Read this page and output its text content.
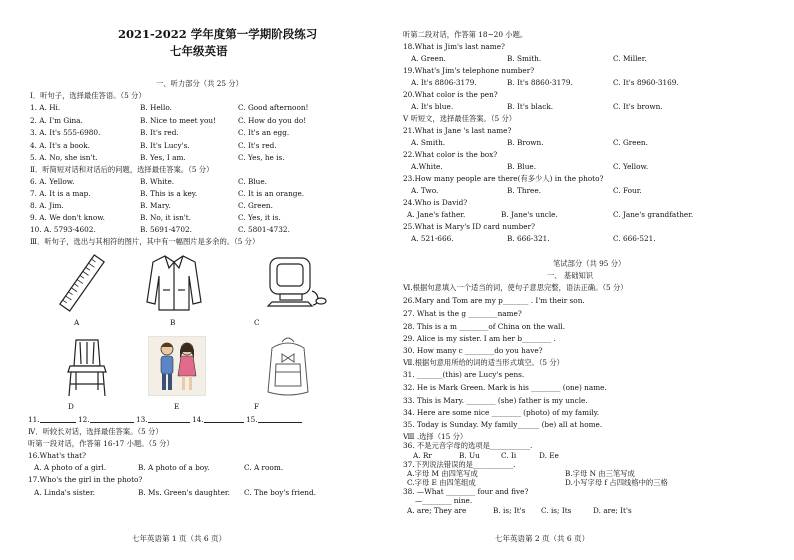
2021-2022 学年度第一学期阶段练习
七年级英语
一、听力部分（共 25 分）
Ⅰ．听句子，选择最佳答语。（5 分）
1. A. Hi.	B. Hello.	C. Good afternoon!
2. A. I'm Gina.	B. Nice to meet you!	C. How do you do!
3. A. It's 555-6980.	B. It's red.	C. It's an egg.
4. A. It's a book.	B. It's Lucy's.	C. It's red.
5. A. No, she isn't.	B. Yes, I am.	C. Yes, he is.
Ⅱ．听简短对话和对话后的问题，选择最佳答案。（5 分）
6. A. Yellow.	B. White.	C. Blue.
7. A. It is a map.	B. This is a key.	C. It is an orange.
8. A. Jim.	B. Mary.	C. Green.
9. A. We don't know.	B. No, it isn't.	C. Yes, it is.
10. A. 5793-4602.	B. 5691-4702.	C. 5801-4732.
Ⅲ．听句子，选出与其相符的图片，其中有一幅图片是多余的。（5 分）
A	B	C
D	E	F
11.	12.	13.	14.	15.
Ⅳ．听较长对话，选择最佳答案。（5 分）
听第一段对话，作答第 16-17 小题。（5 分）
16.What's that?
A. A photo of a girl.	B. A photo of a boy.	C. A room.
17.Who's the girl in the photo?
A. Linda's sister.	B. Ms. Green's daughter. C. The boy's friend.
七年英语第 1 页（共 6 页）
听第二段对话，作答第 18~20 小题。
18.What is Jim's last name?
A. Green.	B. Smith.	C. Miller.
19.What's Jim's telephone number?
A. It's 8806-3179.	B. It's 8860-3179.	C. It's 8960-3169.
20.What color is the pen?
A. It's blue.	B. It's black.	C. It's brown.
Ⅴ 听短文，选择最佳答案。（5 分）
21.What is Jane 's last name?
A. Smith.	B. Brown.	C. Green.
22.What color is the box?
A.White.	B. Blue.	C. Yellow.
23.How many people are there(有多少人) in the photo?
A. Two.	B. Three.	C. Four.
24.Who is David?
A. Jane's father.	B. Jane's uncle.	C. Jane's grandfather.
25.What is Mary's ID card number?
A. 521-666.	B. 666-321.	C. 666-521.
笔试部分（共 95 分）
一、 基础知识
Ⅵ.根据句意填入一个适当的词，使句子意思完整，语法正确。（5 分）
26.Mary and Tom are my p_______ . I'm their son.
27. What is the g ________name?
28. This is a m ________of China on the wall.
29. Alice is my sister. I am her b________ .
30. How many c ________do you have?
Ⅶ.根据句意用所给的词的适当形式填空。（5 分）
31. _______(this) are Lucy's pens.
32. He is Mark Green. Mark is his ________ (one) name.
33. This is Mary. ________ (she) father is my uncle.
34. Here are some nice ________ (photo) of my family.
35. Today is Sunday. My family______ (be) all at home.
Ⅷ .选择（15 分）
36. 不是元音字母的选项是___________.
A. Rr	B. Uu	C. Ii	D. Ee
37.下列说法错误的是___________.
A.字母 M 由四笔写成	B.字母 N 由三笔写成
C.字母 E 由四笔组成	D.小写字母 f 占四线格中的三格
38. —What ________ four and five?
—________ nine.
A. are; They are	B. is; It's C. is; Its	D. are; It's
七年英语第 2 页（共 6 页）
